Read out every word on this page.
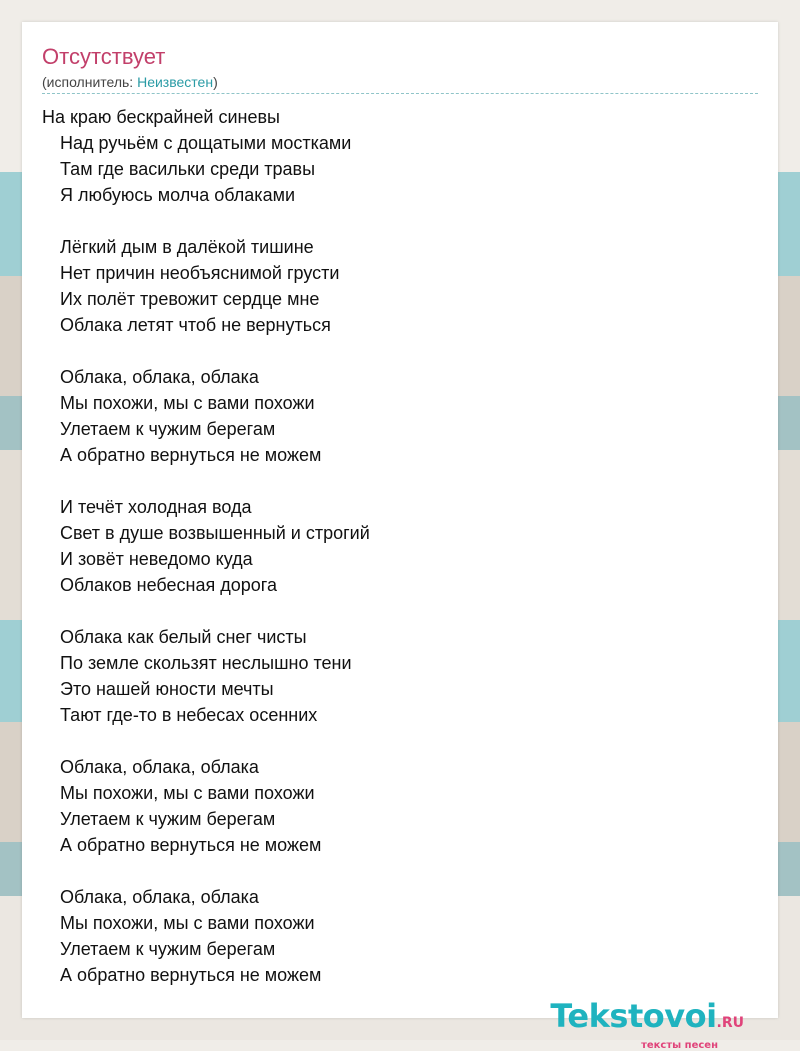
Отсутствует
(исполнитель: Неизвестен)
На краю бескрайней синевы
Над ручьём с дощатыми мостками
Там где васильки среди травы
Я любуюсь молча облаками
Лёгкий дым в далёкой тишине
Нет причин необъяснимой грусти
Их полёт тревожит сердце мне
Облака летят чтоб не вернуться
Облака, облака, облака
Мы похожи, мы с вами похожи
Улетаем к чужим берегам
А обратно вернуться не можем
И течёт холодная вода
Свет в душе возвышенный и строгий
И зовёт неведомо куда
Облаков небесная дорога
Облака как белый снег чисты
По земле скользят неслышно тени
Это нашей юности мечты
Тают где-то в небесах осенних
Облака, облака, облака
Мы похожи, мы с вами похожи
Улетаем к чужим берегам
А обратно вернуться не можем
Облака, облака, облака
Мы похожи, мы с вами похожи
Улетаем к чужим берегам
А обратно вернуться не можем
Tekstovoi.RU
тексты песен
